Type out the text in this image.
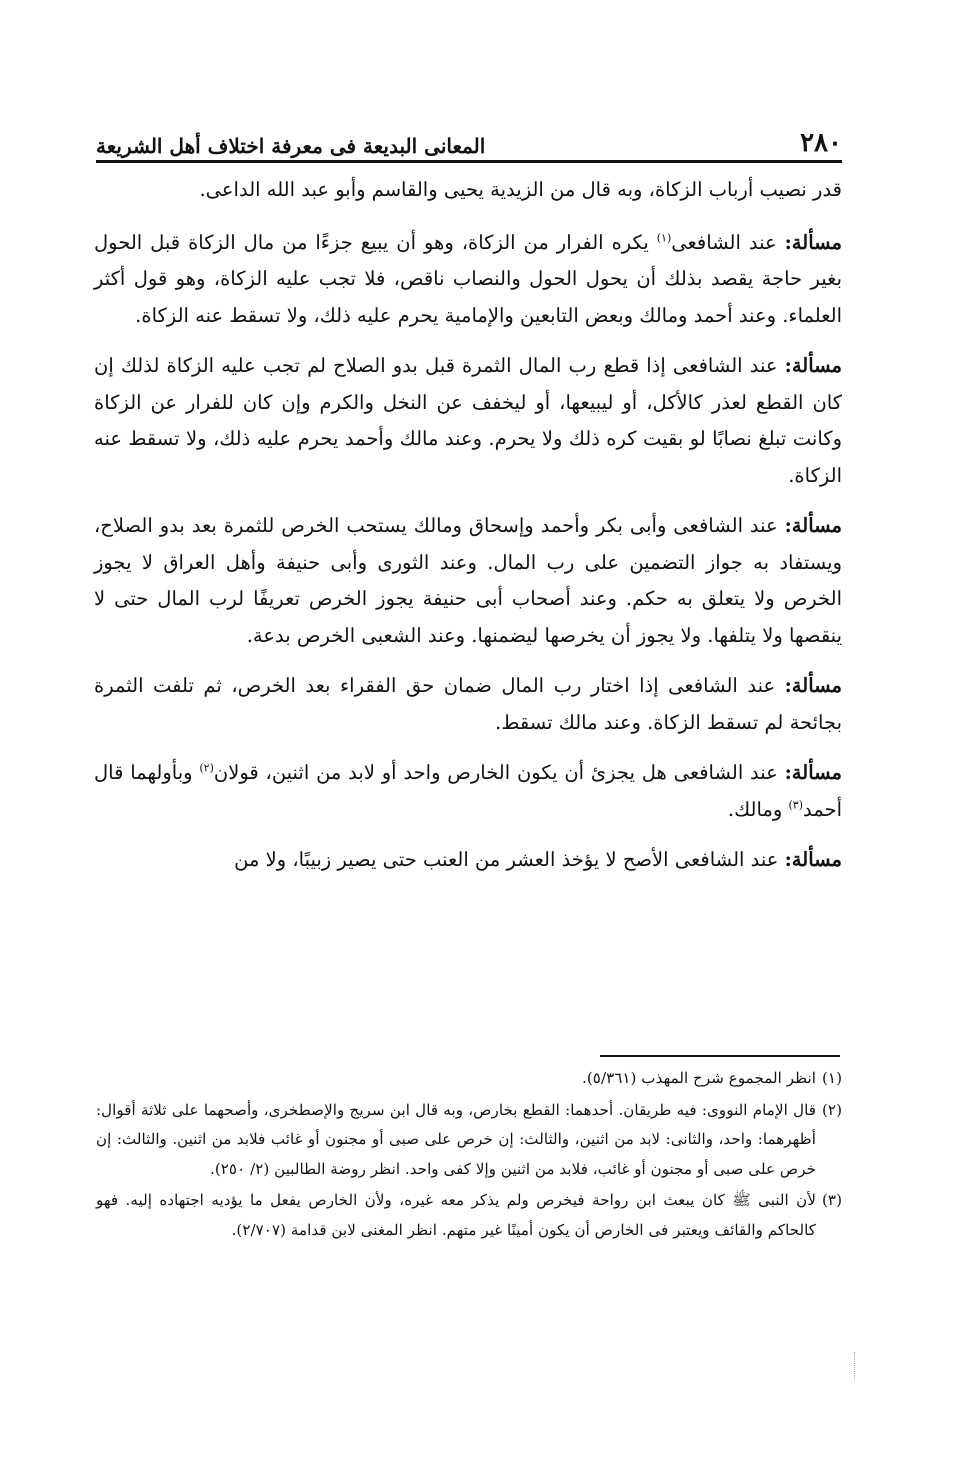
٢٨٠
المعانى البديعة فى معرفة اختلاف أهل الشريعة

قدر نصيب أرباب الزكاة، وبه قال من الزيدية يحيى والقاسم وأبو عبد الله الداعى.

مسألة: عند الشافعى$^{(١)}$ يكره الفرار من الزكاة، وهو أن يبيع جزءًا من مال الزكاة قبل الحول بغير حاجة يقصد بذلك أن يحول الحول والنصاب ناقص، فلا تجب عليه الزكاة، وهو قول أكثر العلماء. وعند أحمد ومالك وبعض التابعين والإمامية يحرم عليه ذلك، ولا تسقط عنه الزكاة.

مسألة: عند الشافعى إذا قطع رب المال الثمرة قبل بدو الصلاح لم تجب عليه الزكاة لذلك إن كان القطع لعذر كالأكل، أو ليبيعها، أو ليخفف عن النخل والكرم وإن كان للفرار عن الزكاة وكانت تبلغ نصابًا لو بقيت كره ذلك ولا يحرم. وعند مالك وأحمد يحرم عليه ذلك، ولا تسقط عنه الزكاة.

مسألة: عند الشافعى وأبى بكر وأحمد وإسحاق ومالك يستحب الخرص للثمرة بعد بدو الصلاح، ويستفاد به جواز التضمين على رب المال. وعند الثورى وأبى حنيفة وأهل العراق لا يجوز الخرص ولا يتعلق به حكم. وعند أصحاب أبى حنيفة يجوز الخرص تعريفًا لرب المال حتى لا ينقصها ولا يتلفها. ولا يجوز أن يخرصها ليضمنها. وعند الشعبى الخرص بدعة.

مسألة: عند الشافعى إذا اختار رب المال ضمان حق الفقراء بعد الخرص، ثم تلفت الثمرة بجائحة لم تسقط الزكاة. وعند مالك تسقط.

مسألة: عند الشافعى هل يجزئ أن يكون الخارص واحد أو لابد من اثنين، قولان$^{(٢)}$ وبأولهما قال أحمد$^{(٣)}$ ومالك.

مسألة: عند الشافعى الأصح لا يؤخذ العشر من العنب حتى يصير زبيبًا، ولا من

(١)انظر المجموع شرح المهذب (٥/٣٦١).

(٢)قال الإمام النووى: فيه طريقان. أحدهما: القطع بخارص، وبه قال ابن سريج والإصطخرى، وأصحهما على ثلاثة أقوال: أظهرهما: واحد، والثانى: لابد من اثنين، والثالث: إن خرص على صبى أو مجنون أو غائب فلابد من اثنين. والثالث: إن خرص على صبى أو مجنون أو غائب، فلابد من اثنين وإلا كفى واحد. انظر روضة الطالبين (٢/ ٢٥٠).

(٣)لأن النبى ﷺ كان يبعث ابن رواحة فيخرص ولم يذكر معه غيره، ولأن الخارص يفعل ما يؤديه اجتهاده إليه. فهو كالحاكم والقائف ويعتبر فى الخارص أن يكون أمينًا غير متهم. انظر المغنى لابن قدامة (٢/٧٠٧).
